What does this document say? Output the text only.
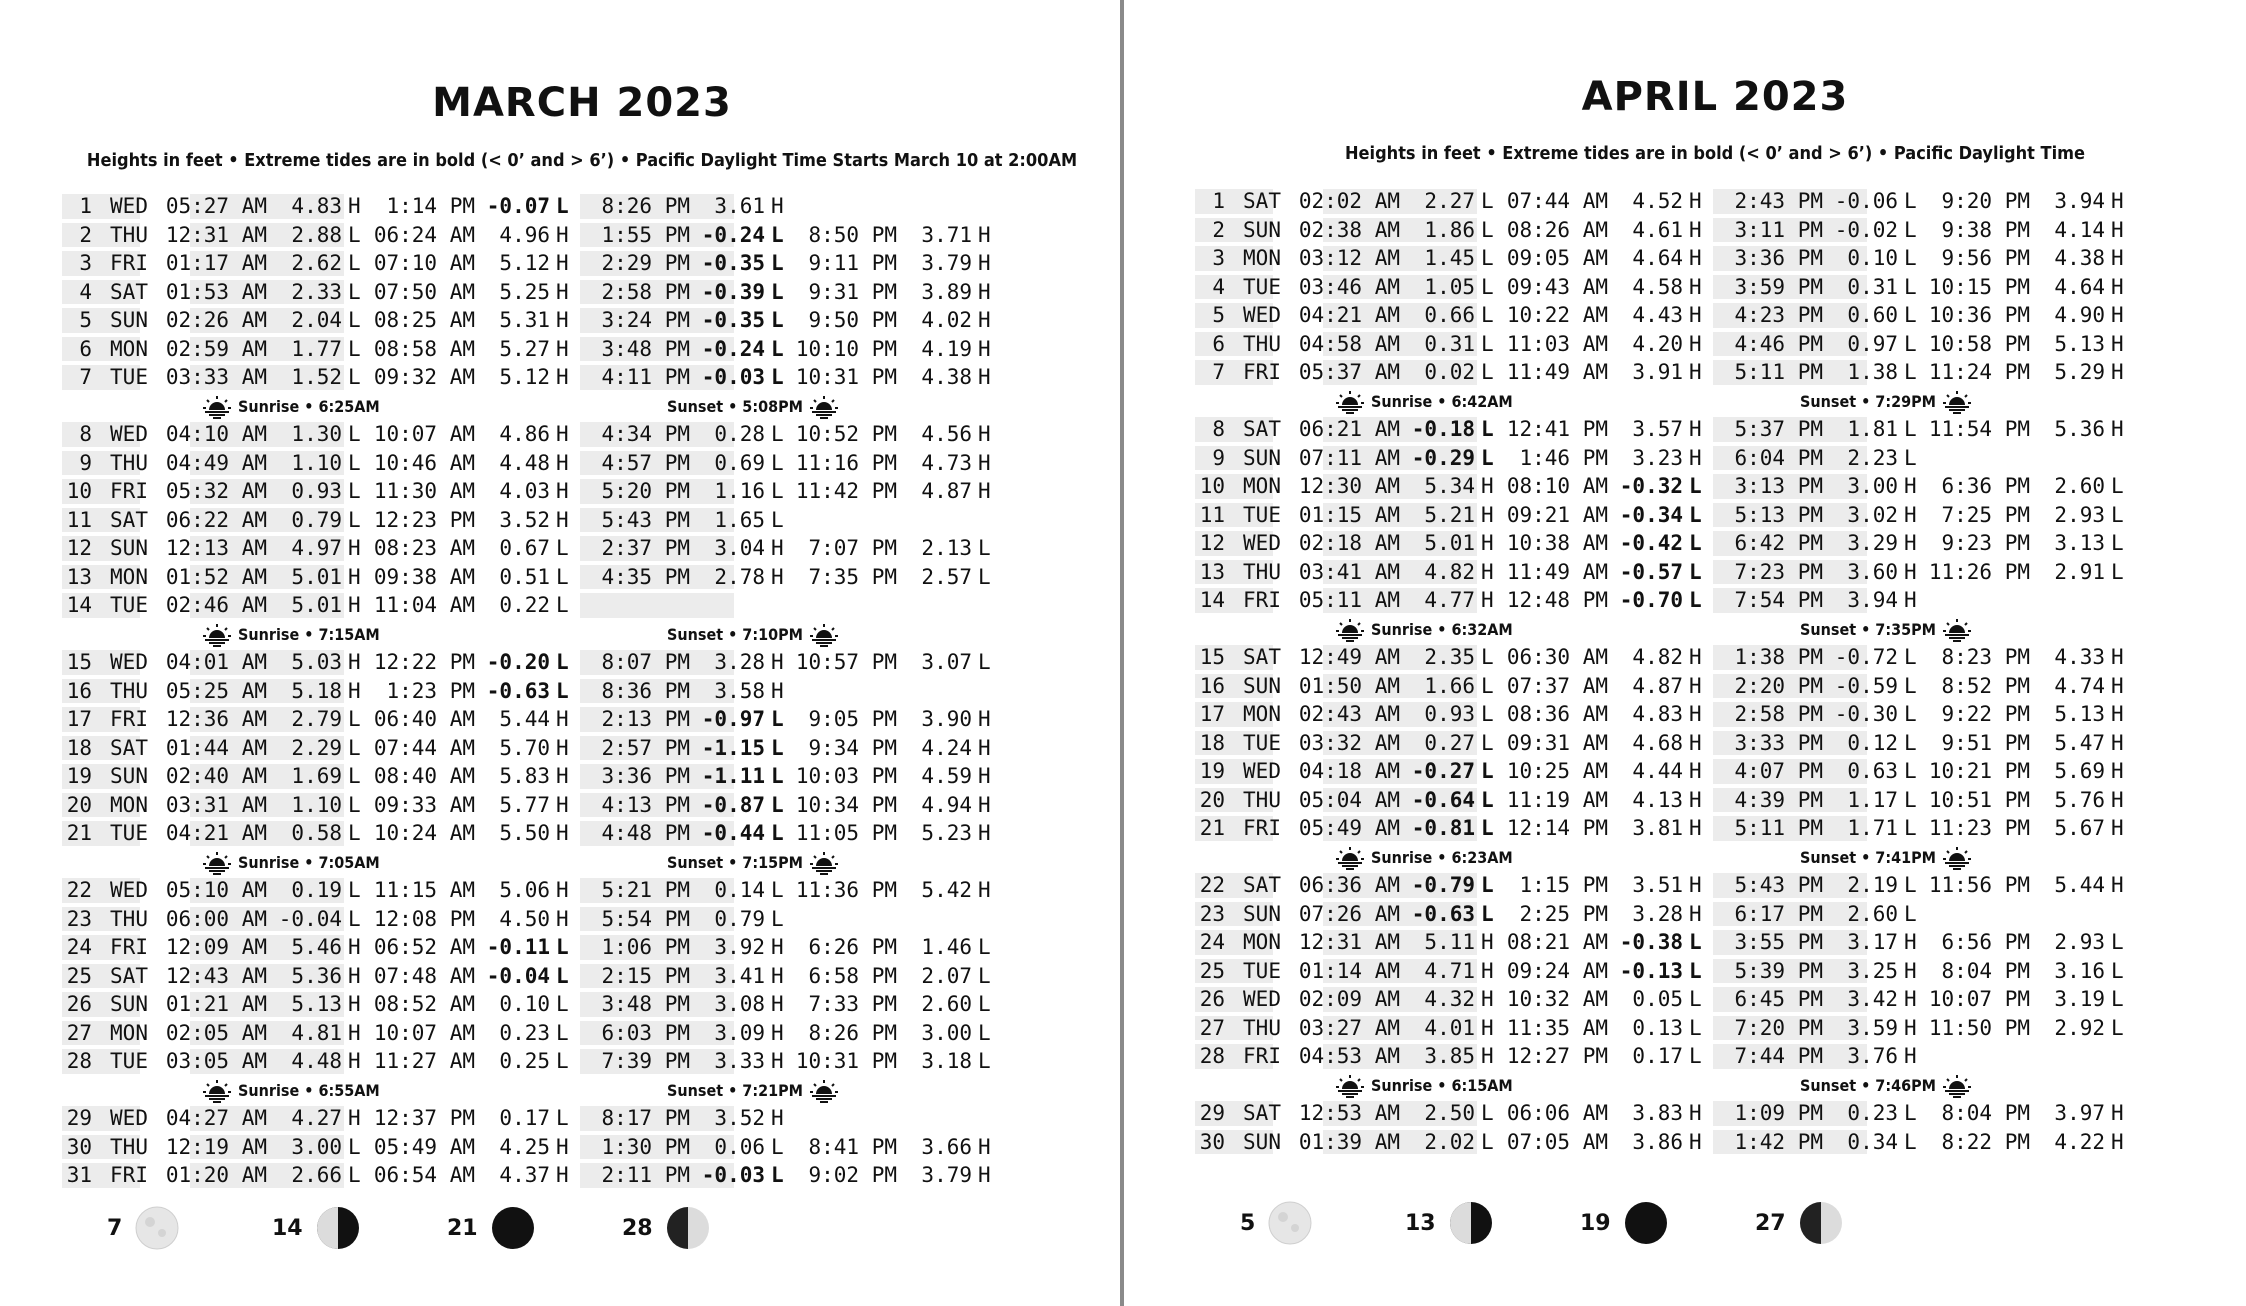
MARCH 2023
Heights in feet • Extreme tides are in bold (< 0’ and > 6’) • Pacific Daylight Time Starts March 10 at 2:00AM
1 WED 05:27 AM	4.83 H	1:14 PM -0.07 L	8:26 PM	3.61 H
2 THU 12:31 AM	2.88 L 06:24 AM	4.96 H	1:55 PM -0.24 L	8:50 PM	3.71 H
3 FRI 01:17 AM	2.62 L 07:10 AM	5.12 H	2:29 PM -0.35 L	9:11 PM	3.79 H
4 SAT 01:53 AM	2.33 L 07:50 AM	5.25 H	2:58 PM -0.39 L	9:31 PM	3.89 H
5 SUN 02:26 AM	2.04 L 08:25 AM	5.31 H	3:24 PM -0.35 L	9:50 PM	4.02 H
6 MON 02:59 AM	1.77 L 08:58 AM	5.27 H	3:48 PM -0.24 L 10:10 PM	4.19 H
7 TUE 03:33 AM	1.52 L 09:32 AM	5.12 H	4:11 PM -0.03 L 10:31 PM	4.38 H
Sunrise • 6:25AM	Sunset • 5:08PM
8 WED 04:10 AM	1.30 L 10:07 AM	4.86 H	4:34 PM	0.28 L 10:52 PM	4.56 H
9 THU 04:49 AM	1.10 L 10:46 AM	4.48 H	4:57 PM	0.69 L 11:16 PM	4.73 H
10 FRI 05:32 AM	0.93 L 11:30 AM	4.03 H	5:20 PM	1.16 L 11:42 PM	4.87 H
11 SAT 06:22 AM	0.79 L 12:23 PM	3.52 H	5:43 PM	1.65 L
12 SUN 12:13 AM	4.97 H 08:23 AM	0.67 L	2:37 PM	3.04 H	7:07 PM	2.13 L
13 MON 01:52 AM	5.01 H 09:38 AM	0.51 L	4:35 PM	2.78 H	7:35 PM	2.57 L
14 TUE 02:46 AM	5.01 H 11:04 AM	0.22 L
Sunrise • 7:15AM	Sunset • 7:10PM
15 WED 04:01 AM	5.03 H 12:22 PM -0.20 L	8:07 PM	3.28 H 10:57 PM	3.07 L
16 THU 05:25 AM	5.18 H	1:23 PM -0.63 L	8:36 PM	3.58 H
17 FRI 12:36 AM	2.79 L 06:40 AM	5.44 H	2:13 PM -0.97 L	9:05 PM	3.90 H
18 SAT 01:44 AM	2.29 L 07:44 AM	5.70 H	2:57 PM -1.15 L	9:34 PM	4.24 H
19 SUN 02:40 AM	1.69 L 08:40 AM	5.83 H	3:36 PM -1.11 L 10:03 PM	4.59 H
20 MON 03:31 AM	1.10 L 09:33 AM	5.77 H	4:13 PM -0.87 L 10:34 PM	4.94 H
21 TUE 04:21 AM	0.58 L 10:24 AM	5.50 H	4:48 PM -0.44 L 11:05 PM	5.23 H
Sunrise • 7:05AM	Sunset • 7:15PM
22 WED 05:10 AM	0.19 L 11:15 AM	5.06 H	5:21 PM	0.14 L 11:36 PM	5.42 H
23 THU 06:00 AM -0.04 L 12:08 PM	4.50 H	5:54 PM	0.79 L
24 FRI 12:09 AM	5.46 H 06:52 AM -0.11 L	1:06 PM	3.92 H	6:26 PM	1.46 L
25 SAT 12:43 AM	5.36 H 07:48 AM -0.04 L	2:15 PM	3.41 H	6:58 PM	2.07 L
26 SUN 01:21 AM	5.13 H 08:52 AM	0.10 L	3:48 PM	3.08 H	7:33 PM	2.60 L
27 MON 02:05 AM	4.81 H 10:07 AM	0.23 L	6:03 PM	3.09 H	8:26 PM	3.00 L
28 TUE 03:05 AM	4.48 H 11:27 AM	0.25 L	7:39 PM	3.33 H 10:31 PM	3.18 L
Sunrise • 6:55AM	Sunset • 7:21PM
29 WED 04:27 AM	4.27 H 12:37 PM	0.17 L	8:17 PM	3.52 H
30 THU 12:19 AM	3.00 L 05:49 AM	4.25 H	1:30 PM	0.06 L	8:41 PM	3.66 H
31 FRI 01:20 AM	2.66 L 06:54 AM	4.37 H	2:11 PM -0.03 L	9:02 PM	3.79 H
7	14	21	28
APRIL 2023
Heights in feet • Extreme tides are in bold (< 0’ and > 6’) • Pacific Daylight Time
1 SAT 02:02 AM	2.27 L 07:44 AM	4.52 H	2:43 PM -0.06 L	9:20 PM	3.94 H
2 SUN 02:38 AM	1.86 L 08:26 AM	4.61 H	3:11 PM -0.02 L	9:38 PM	4.14 H
3 MON 03:12 AM	1.45 L 09:05 AM	4.64 H	3:36 PM	0.10 L	9:56 PM	4.38 H
4 TUE 03:46 AM	1.05 L 09:43 AM	4.58 H	3:59 PM	0.31 L 10:15 PM	4.64 H
5 WED 04:21 AM	0.66 L 10:22 AM	4.43 H	4:23 PM	0.60 L 10:36 PM	4.90 H
6 THU 04:58 AM	0.31 L 11:03 AM	4.20 H	4:46 PM	0.97 L 10:58 PM	5.13 H
7 FRI 05:37 AM	0.02 L 11:49 AM	3.91 H	5:11 PM	1.38 L 11:24 PM	5.29 H
Sunrise • 6:42AM	Sunset • 7:29PM
8 SAT 06:21 AM -0.18 L 12:41 PM	3.57 H	5:37 PM	1.81 L 11:54 PM	5.36 H
9 SUN 07:11 AM -0.29 L	1:46 PM	3.23 H	6:04 PM	2.23 L
10 MON 12:30 AM	5.34 H 08:10 AM -0.32 L	3:13 PM	3.00 H	6:36 PM	2.60 L
11 TUE 01:15 AM	5.21 H 09:21 AM -0.34 L	5:13 PM	3.02 H	7:25 PM	2.93 L
12 WED 02:18 AM	5.01 H 10:38 AM -0.42 L	6:42 PM	3.29 H	9:23 PM	3.13 L
13 THU 03:41 AM	4.82 H 11:49 AM -0.57 L	7:23 PM	3.60 H 11:26 PM	2.91 L
14 FRI 05:11 AM	4.77 H 12:48 PM -0.70 L	7:54 PM	3.94 H
Sunrise • 6:32AM	Sunset • 7:35PM
15 SAT 12:49 AM	2.35 L 06:30 AM	4.82 H	1:38 PM -0.72 L	8:23 PM	4.33 H
16 SUN 01:50 AM	1.66 L 07:37 AM	4.87 H	2:20 PM -0.59 L	8:52 PM	4.74 H
17 MON 02:43 AM	0.93 L 08:36 AM	4.83 H	2:58 PM -0.30 L	9:22 PM	5.13 H
18 TUE 03:32 AM	0.27 L 09:31 AM	4.68 H	3:33 PM	0.12 L	9:51 PM	5.47 H
19 WED 04:18 AM -0.27 L 10:25 AM	4.44 H	4:07 PM	0.63 L 10:21 PM	5.69 H
20 THU 05:04 AM -0.64 L 11:19 AM	4.13 H	4:39 PM	1.17 L 10:51 PM	5.76 H
21 FRI 05:49 AM -0.81 L 12:14 PM	3.81 H	5:11 PM	1.71 L 11:23 PM	5.67 H
Sunrise • 6:23AM	Sunset • 7:41PM
22 SAT 06:36 AM -0.79 L	1:15 PM	3.51 H	5:43 PM	2.19 L 11:56 PM	5.44 H
23 SUN 07:26 AM -0.63 L	2:25 PM	3.28 H	6:17 PM	2.60 L
24 MON 12:31 AM	5.11 H 08:21 AM -0.38 L	3:55 PM	3.17 H	6:56 PM	2.93 L
25 TUE 01:14 AM	4.71 H 09:24 AM -0.13 L	5:39 PM	3.25 H	8:04 PM	3.16 L
26 WED 02:09 AM	4.32 H 10:32 AM	0.05 L	6:45 PM	3.42 H 10:07 PM	3.19 L
27 THU 03:27 AM	4.01 H 11:35 AM	0.13 L	7:20 PM	3.59 H 11:50 PM	2.92 L
28 FRI 04:53 AM	3.85 H 12:27 PM	0.17 L	7:44 PM	3.76 H
Sunrise • 6:15AM	Sunset • 7:46PM
29 SAT 12:53 AM	2.50 L 06:06 AM	3.83 H	1:09 PM	0.23 L	8:04 PM	3.97 H
30 SUN 01:39 AM	2.02 L 07:05 AM	3.86 H	1:42 PM	0.34 L	8:22 PM	4.22 H
5	13	19	27
